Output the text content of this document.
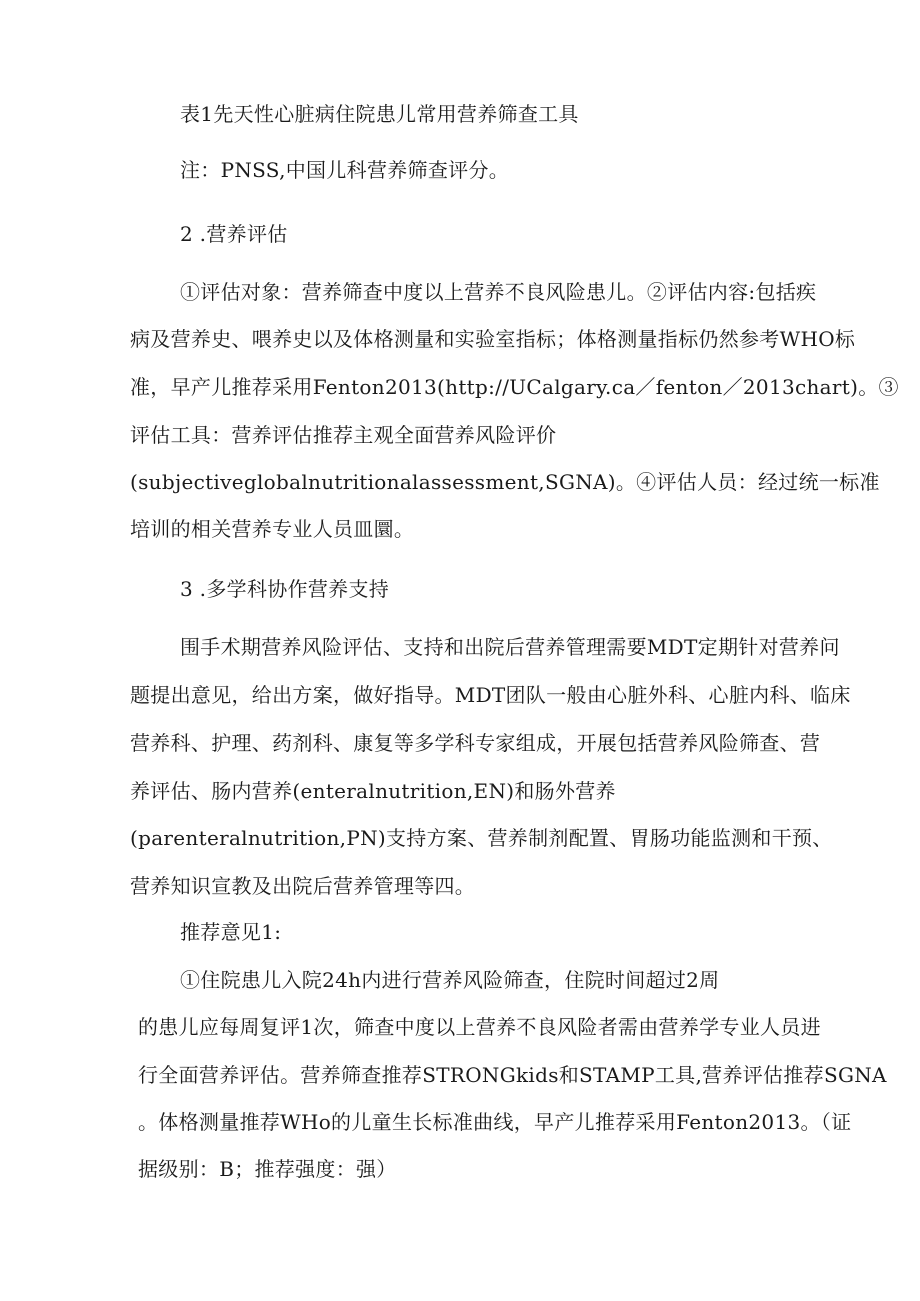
表1先天性心脏病住院患儿常用营养筛查工具
注：PNSS,中国儿科营养筛查评分。
2 .营养评估
①评估对象：营养筛查中度以上营养不良风险患儿。②评估内容:包括疾
病及营养史、喂养史以及体格测量和实验室指标；体格测量指标仍然参考WHO标
准，早产儿推荐采用Fenton2013(http://UCalgary.ca／fenton／2013chart)。③
评估工具：营养评估推荐主观全面营养风险评价
(subjectiveglobalnutritionalassessment,SGNA)。④评估人员：经过统一标准
培训的相关营养专业人员皿圜。
3 .多学科协作营养支持
围手术期营养风险评估、支持和出院后营养管理需要MDT定期针对营养问
题提出意见，给出方案，做好指导。MDT团队一般由心脏外科、心脏内科、临床
营养科、护理、药剂科、康复等多学科专家组成，开展包括营养风险筛查、营
养评估、肠内营养(enteralnutrition,EN)和肠外营养
(parenteralnutrition,PN)支持方案、营养制剂配置、胃肠功能监测和干预、
营养知识宣教及出院后营养管理等四。
推荐意见1:
①住院患儿入院24h内进行营养风险筛查，住院时间超过2周
的患儿应每周复评1次，筛查中度以上营养不良风险者需由营养学专业人员进
行全面营养评估。营养筛查推荐STRONGkids和STAMP工具,营养评估推荐SGNA
。体格测量推荐WHo的儿童生长标准曲线，早产儿推荐采用Fenton2013。（证
据级别：B；推荐强度：强）
